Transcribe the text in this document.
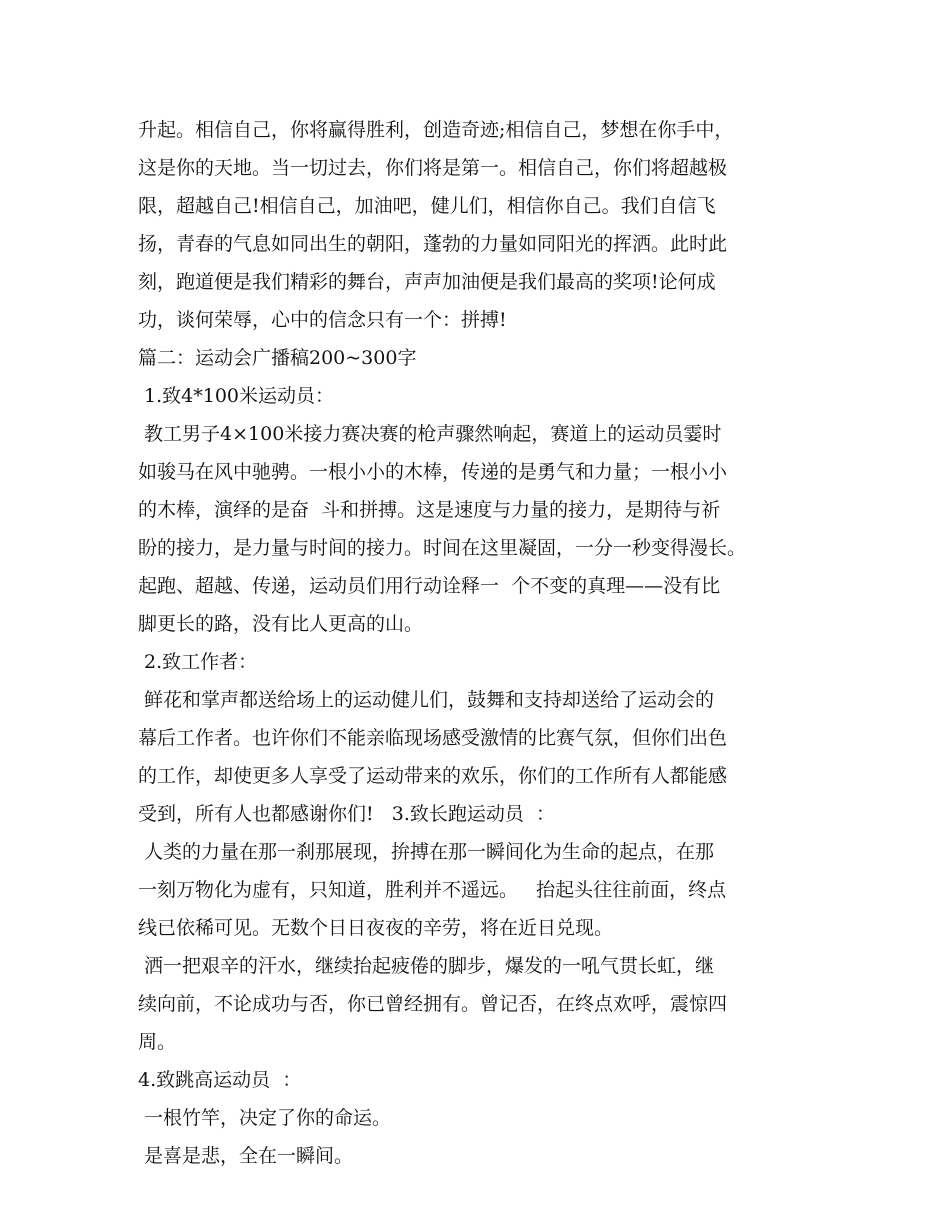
升起。相信自己，你将赢得胜利，创造奇迹;相信自己，梦想在你手中，
这是你的天地。当一切过去，你们将是第一。相信自己，你们将超越极
限，超越自己!相信自己，加油吧，健儿们，相信你自己。我们自信飞
扬，青春的气息如同出生的朝阳，蓬勃的力量如同阳光的挥洒。此时此
刻，跑道便是我们精彩的舞台，声声加油便是我们最高的奖项!论何成
功，谈何荣辱，心中的信念只有一个：拼搏!
篇二：运动会广播稿200~300字
1.致4*100米运动员：
教工男子4×100米接力赛决赛的枪声骤然响起，赛道上的运动员霎时
如骏马在风中驰骋。一根小小的木棒，传递的是勇气和力量；一根小小
的木棒，演绎的是奋  斗和拼搏。这是速度与力量的接力，是期待与祈
盼的接力，是力量与时间的接力。时间在这里凝固，一分一秒变得漫长。
起跑、超越、传递，运动员们用行动诠释一  个不变的真理——没有比
脚更长的路，没有比人更高的山。
2.致工作者：
鲜花和掌声都送给场上的运动健儿们，鼓舞和支持却送给了运动会的
幕后工作者。也许你们不能亲临现场感受激情的比赛气氛，但你们出色
的工作，却使更多人享受了运动带来的欢乐，你们的工作所有人都能感
受到，所有人也都感谢你们!   3.致长跑运动员  ：
人类的力量在那一刹那展现，拚搏在那一瞬间化为生命的起点，在那
一刻万物化为虚有，只知道，胜利并不遥远。   抬起头往往前面，终点
线已依稀可见。无数个日日夜夜的辛劳，将在近日兑现。
洒一把艰辛的汗水，继续抬起疲倦的脚步，爆发的一吼气贯长虹，继
续向前，不论成功与否，你已曾经拥有。曾记否，在终点欢呼，震惊四
周。
4.致跳高运动员  ：
一根竹竿，决定了你的命运。
是喜是悲，全在一瞬间。
